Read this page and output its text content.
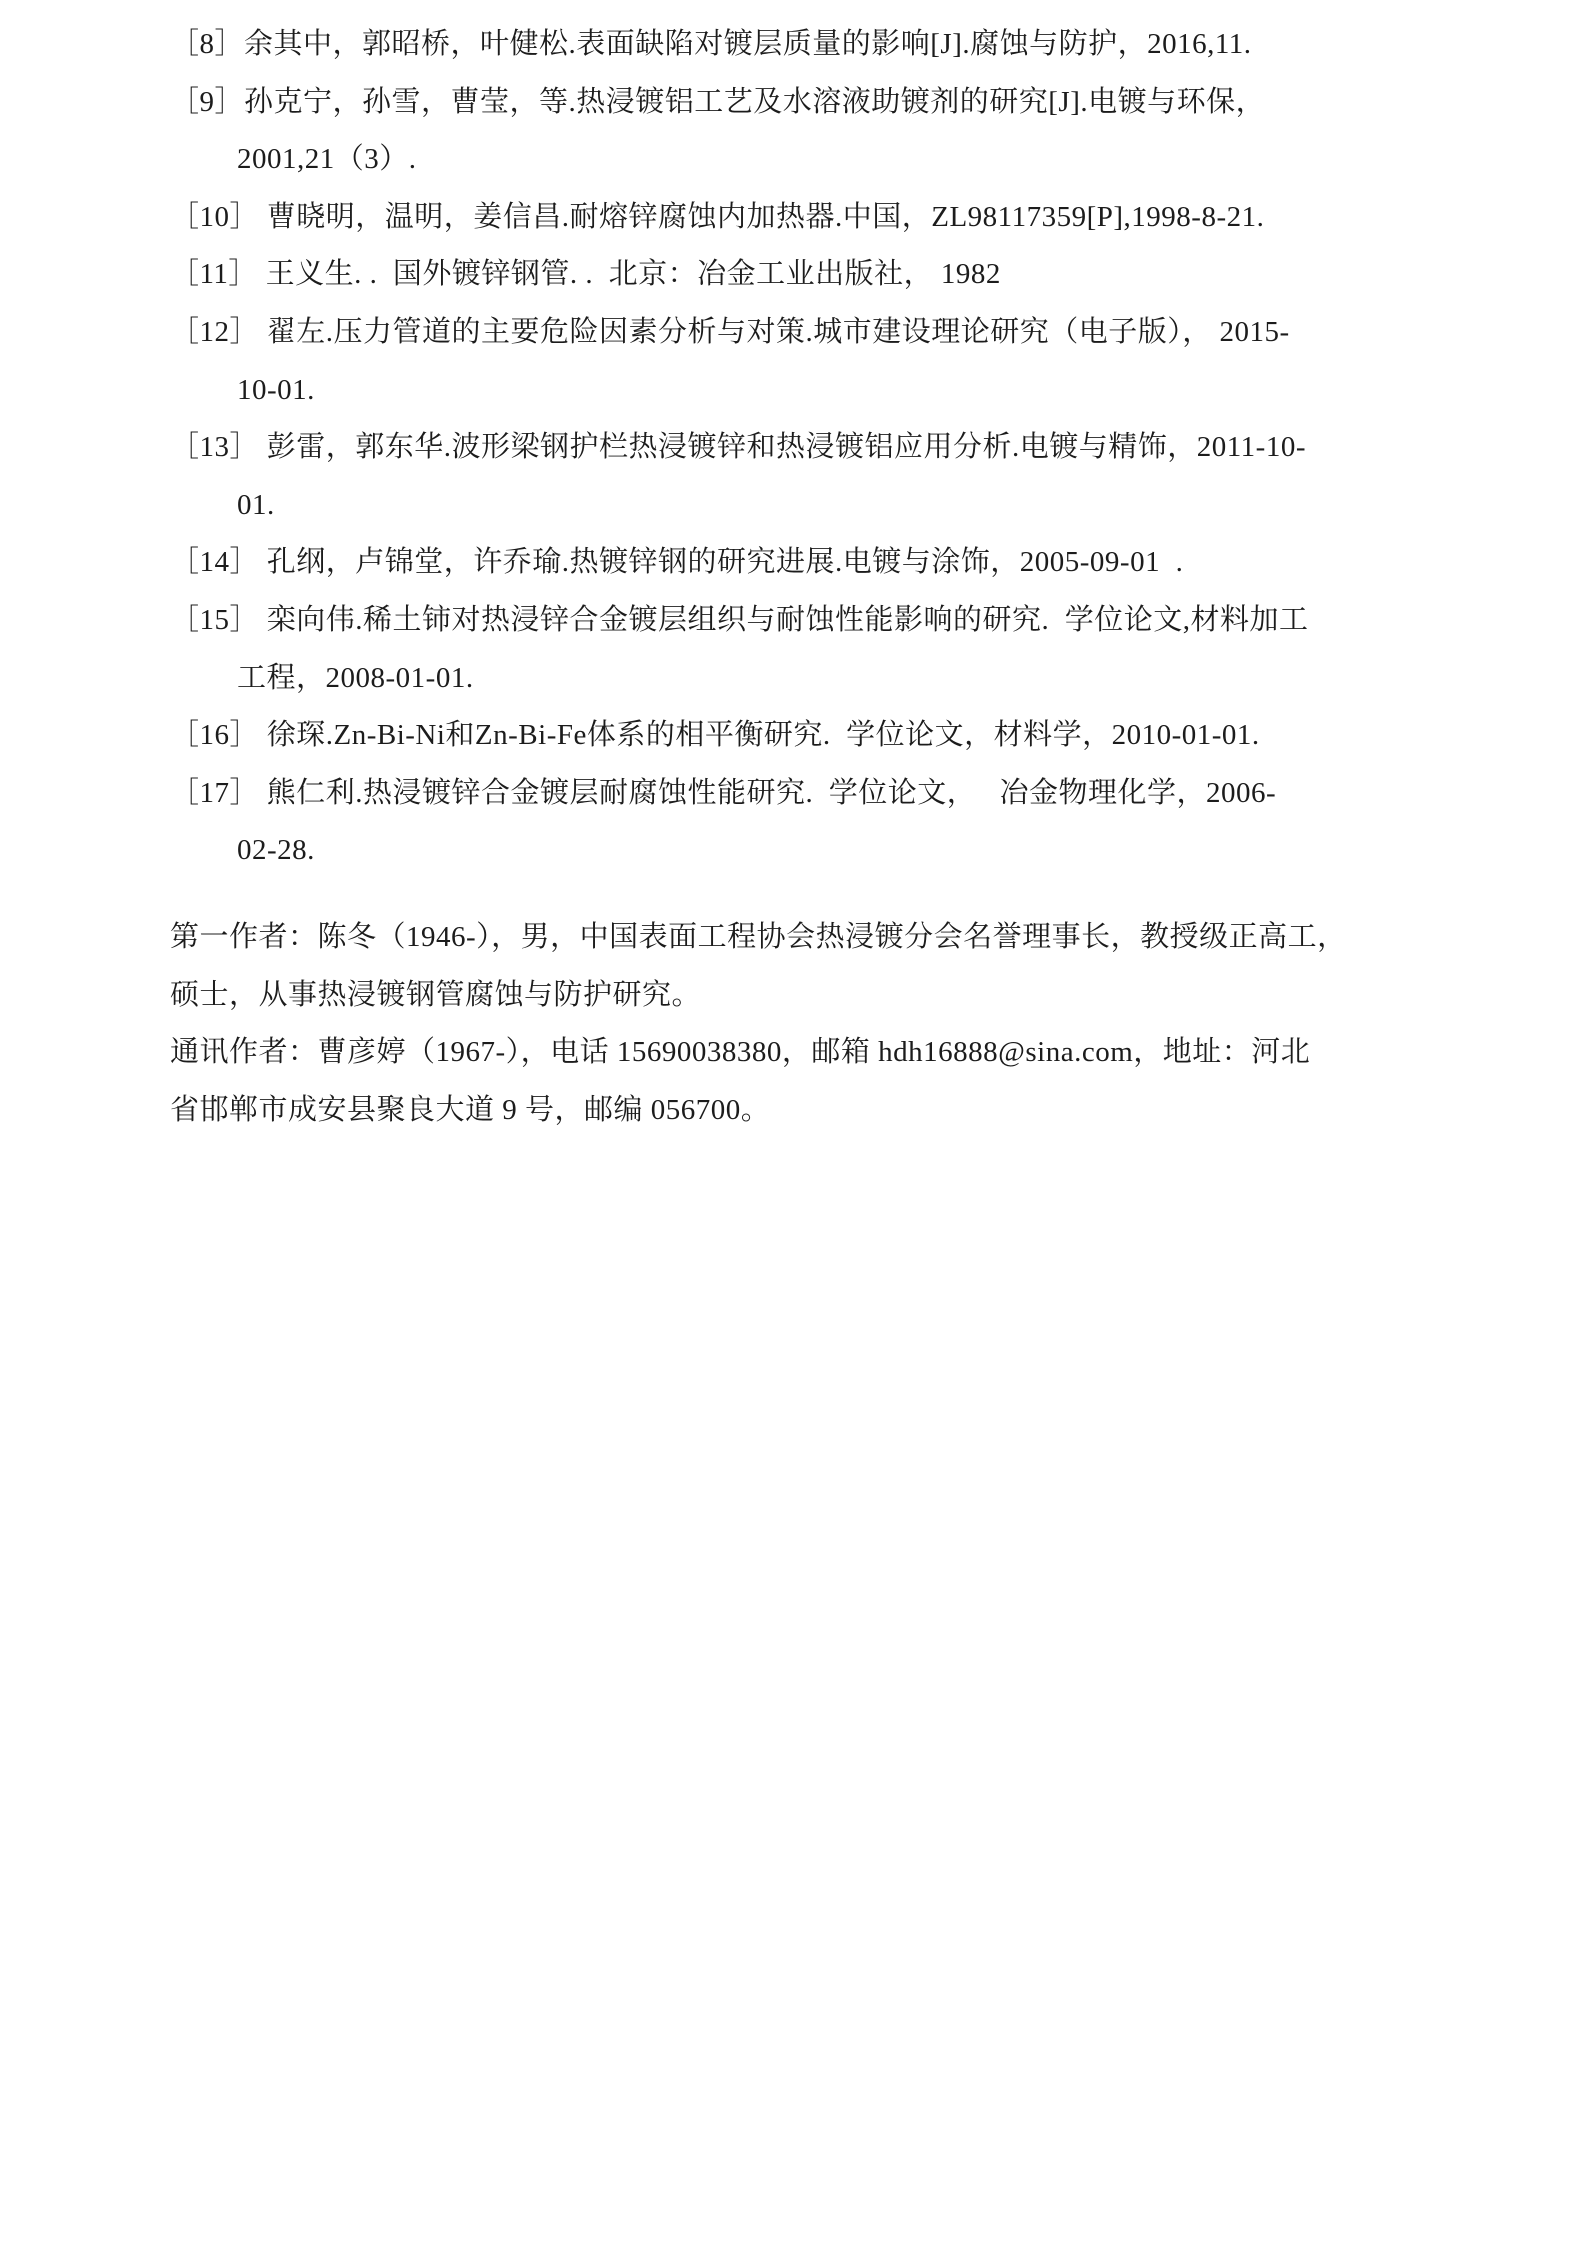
［8］余其中，郭昭桥，叶健松.表面缺陷对镀层质量的影响[J].腐蚀与防护，2016,11.
［9］孙克宁，孙雪，曹莹，等.热浸镀铝工艺及水溶液助镀剂的研究[J].电镀与环保，
2001,21（3）.
［10］ 曹晓明，温明，姜信昌.耐熔锌腐蚀内加热器.中国，ZL98117359[P],1998-8-21.
［11］ 王义生. .  国外镀锌钢管. .  北京：冶金工业出版社， 1982
［12］ 翟左.压力管道的主要危险因素分析与对策.城市建设理论研究（电子版）， 2015-
10-01.
［13］ 彭雷，郭东华.波形梁钢护栏热浸镀锌和热浸镀铝应用分析.电镀与精饰，2011-10-
01.
［14］ 孔纲，卢锦堂，许乔瑜.热镀锌钢的研究进展.电镀与涂饰，2005-09-01  .
［15］ 栾向伟.稀土铈对热浸锌合金镀层组织与耐蚀性能影响的研究.  学位论文,材料加工
工程，2008-01-01.
［16］ 徐琛.Zn-Bi-Ni和Zn-Bi-Fe体系的相平衡研究.  学位论文，材料学，2010-01-01.
［17］ 熊仁利.热浸镀锌合金镀层耐腐蚀性能研究.  学位论文，   冶金物理化学，2006-
02-28.
第一作者：陈冬（1946-），男，中国表面工程协会热浸镀分会名誉理事长，教授级正高工，
硕士，从事热浸镀钢管腐蚀与防护研究。
通讯作者：曹彦婷（1967-），电话 15690038380，邮箱 hdh16888@sina.com，地址：河北
省邯郸市成安县聚良大道 9 号，邮编 056700。
